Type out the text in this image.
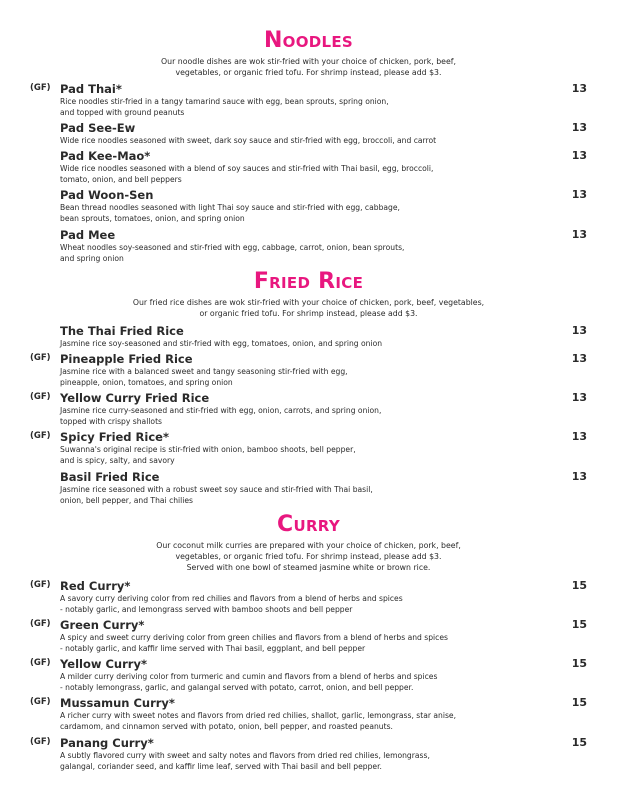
Noodles
Our noodle dishes are wok stir-fried with your choice of chicken, pork, beef,
vegetables, or organic fried tofu. For shrimp instead, please add $3.
(GF) Pad Thai*	13
Rice noodles stir-fried in a tangy tamarind sauce with egg, bean sprouts, spring onion,
and topped with ground peanuts
Pad See-Ew	13
Wide rice noodles seasoned with sweet, dark soy sauce and stir-fried with egg, broccoli, and carrot
Pad Kee-Mao*	13
Wide rice noodles seasoned with a blend of soy sauces and stir-fried with Thai basil, egg, broccoli,
tomato, onion, and bell peppers
Pad Woon-Sen	13
Bean thread noodles seasoned with light Thai soy sauce and stir-fried with egg, cabbage,
bean sprouts, tomatoes, onion, and spring onion
Pad Mee	13
Wheat noodles soy-seasoned and stir-fried with egg, cabbage, carrot, onion, bean sprouts,
and spring onion
Fried Rice
Our fried rice dishes are wok stir-fried with your choice of chicken, pork, beef, vegetables,
or organic fried tofu. For shrimp instead, please add $3.
The Thai Fried Rice	13
Jasmine rice soy-seasoned and stir-fried with egg, tomatoes, onion, and spring onion
(GF) Pineapple Fried Rice	13
Jasmine rice with a balanced sweet and tangy seasoning stir-fried with egg,
pineapple, onion, tomatoes, and spring onion
(GF) Yellow Curry Fried Rice	13
Jasmine rice curry-seasoned and stir-fried with egg, onion, carrots, and spring onion,
topped with crispy shallots
(GF) Spicy Fried Rice*	13
Suwanna's original recipe is stir-fried with onion, bamboo shoots, bell pepper,
and is spicy, salty, and savory
Basil Fried Rice	13
Jasmine rice seasoned with a robust sweet soy sauce and stir-fried with Thai basil,
onion, bell pepper, and Thai chilies
Curry
Our coconut milk curries are prepared with your choice of chicken, pork, beef,
vegetables, or organic fried tofu. For shrimp instead, please add $3.
Served with one bowl of steamed jasmine white or brown rice.
(GF) Red Curry*	15
A savory curry deriving color from red chilies and flavors from a blend of herbs and spices
- notably garlic, and lemongrass served with bamboo shoots and bell pepper
(GF) Green Curry*	15
A spicy and sweet curry deriving color from green chilies and flavors from a blend of herbs and spices
- notably garlic, and kaffir lime served with Thai basil, eggplant, and bell pepper
(GF) Yellow Curry*	15
A milder curry deriving color from turmeric and cumin and flavors from a blend of herbs and spices
- notably lemongrass, garlic, and galangal served with potato, carrot, onion, and bell pepper.
(GF) Mussamun Curry*	15
A richer curry with sweet notes and flavors from dried red chilies, shallot, garlic, lemongrass, star anise,
cardamom, and cinnamon served with potato, onion, bell pepper, and roasted peanuts.
(GF) Panang Curry*	15
A subtly flavored curry with sweet and salty notes and flavors from dried red chilies, lemongrass,
galangal, coriander seed, and kaffir lime leaf, served with Thai basil and bell pepper.
